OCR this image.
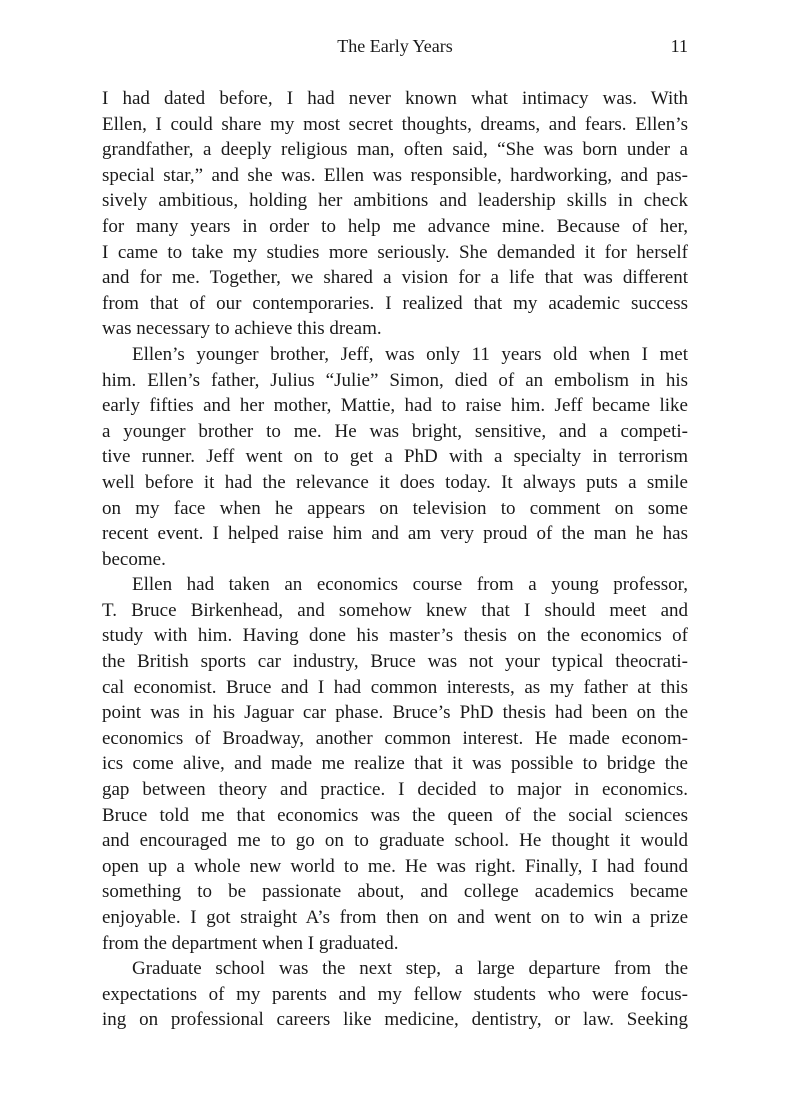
The Early Years	11
I had dated before, I had never known what intimacy was. With
Ellen, I could share my most secret thoughts, dreams, and fears. Ellen’s
grandfather, a deeply religious man, often said, “She was born under a
special star,” and she was. Ellen was responsible, hardworking, and pas-
sively ambitious, holding her ambitions and leadership skills in check
for many years in order to help me advance mine. Because of her,
I came to take my studies more seriously. She demanded it for herself
and for me. Together, we shared a vision for a life that was different
from that of our contemporaries. I realized that my academic success
was necessary to achieve this dream.
Ellen’s younger brother, Jeff, was only 11 years old when I met
him. Ellen’s father, Julius “Julie” Simon, died of an embolism in his
early fifties and her mother, Mattie, had to raise him. Jeff became like
a younger brother to me. He was bright, sensitive, and a competi-
tive runner. Jeff went on to get a PhD with a specialty in terrorism
well before it had the relevance it does today. It always puts a smile
on my face when he appears on television to comment on some
recent event. I helped raise him and am very proud of the man he has
become.
Ellen had taken an economics course from a young professor,
T. Bruce Birkenhead, and somehow knew that I should meet and
study with him. Having done his master’s thesis on the economics of
the British sports car industry, Bruce was not your typical theocrati-
cal economist. Bruce and I had common interests, as my father at this
point was in his Jaguar car phase. Bruce’s PhD thesis had been on the
economics of Broadway, another common interest. He made econom-
ics come alive, and made me realize that it was possible to bridge the
gap between theory and practice. I decided to major in economics.
Bruce told me that economics was the queen of the social sciences
and encouraged me to go on to graduate school. He thought it would
open up a whole new world to me. He was right. Finally, I had found
something to be passionate about, and college academics became
enjoyable. I got straight A’s from then on and went on to win a prize
from the department when I graduated.
Graduate school was the next step, a large departure from the
expectations of my parents and my fellow students who were focus-
ing on professional careers like medicine, dentistry, or law. Seeking
